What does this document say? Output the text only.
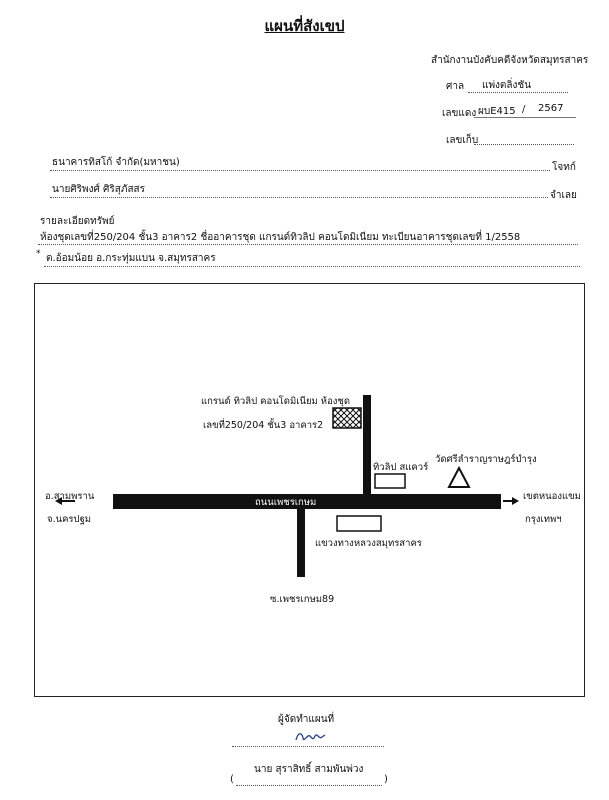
แผนที่สังเขป
สำนักงานบังคับคดีจังหวัดสมุทรสาคร
ศาล แพ่งตลิ่งชัน
เลขแดง ผบE415 / 2567
เลขเก็บ
ธนาคารทิสโก้ จำกัด(มหาชน)	โจทก์
นายศิริพงศ์ ศิริสุภัสสร
จำเลย
รายละเอียดทรัพย์
ห้องชุดเลขที่250/204 ชั้น3 อาคาร2 ชื่ออาคารชุด แกรนด์ทิวลิป คอนโดมิเนียม ทะเบียนอาคารชุดเลขที่ 1/2558
* ต.อ้อมน้อย อ.กระทุ่มแบน จ.สมุทรสาคร
แกรนด์ ทิวลิป คอนโดมิเนียม ห้องชุด
เลขที่250/204 ชั้น3 อาคาร2
ทิวลิป สแควร์
วัดศรีลำราญราษฎร์บำรุง
อ.สามพราน
จ.นครปฐม
เขตหนองแขม
กรุงเทพฯ
ถนนเพชรเกษม
แขวงทางหลวงสมุทรสาคร
ซ.เพชรเกษม89
ผู้จัดทำแผนที่
นาย สุราสิทธิ์ สามพันพ่วง
(	)
